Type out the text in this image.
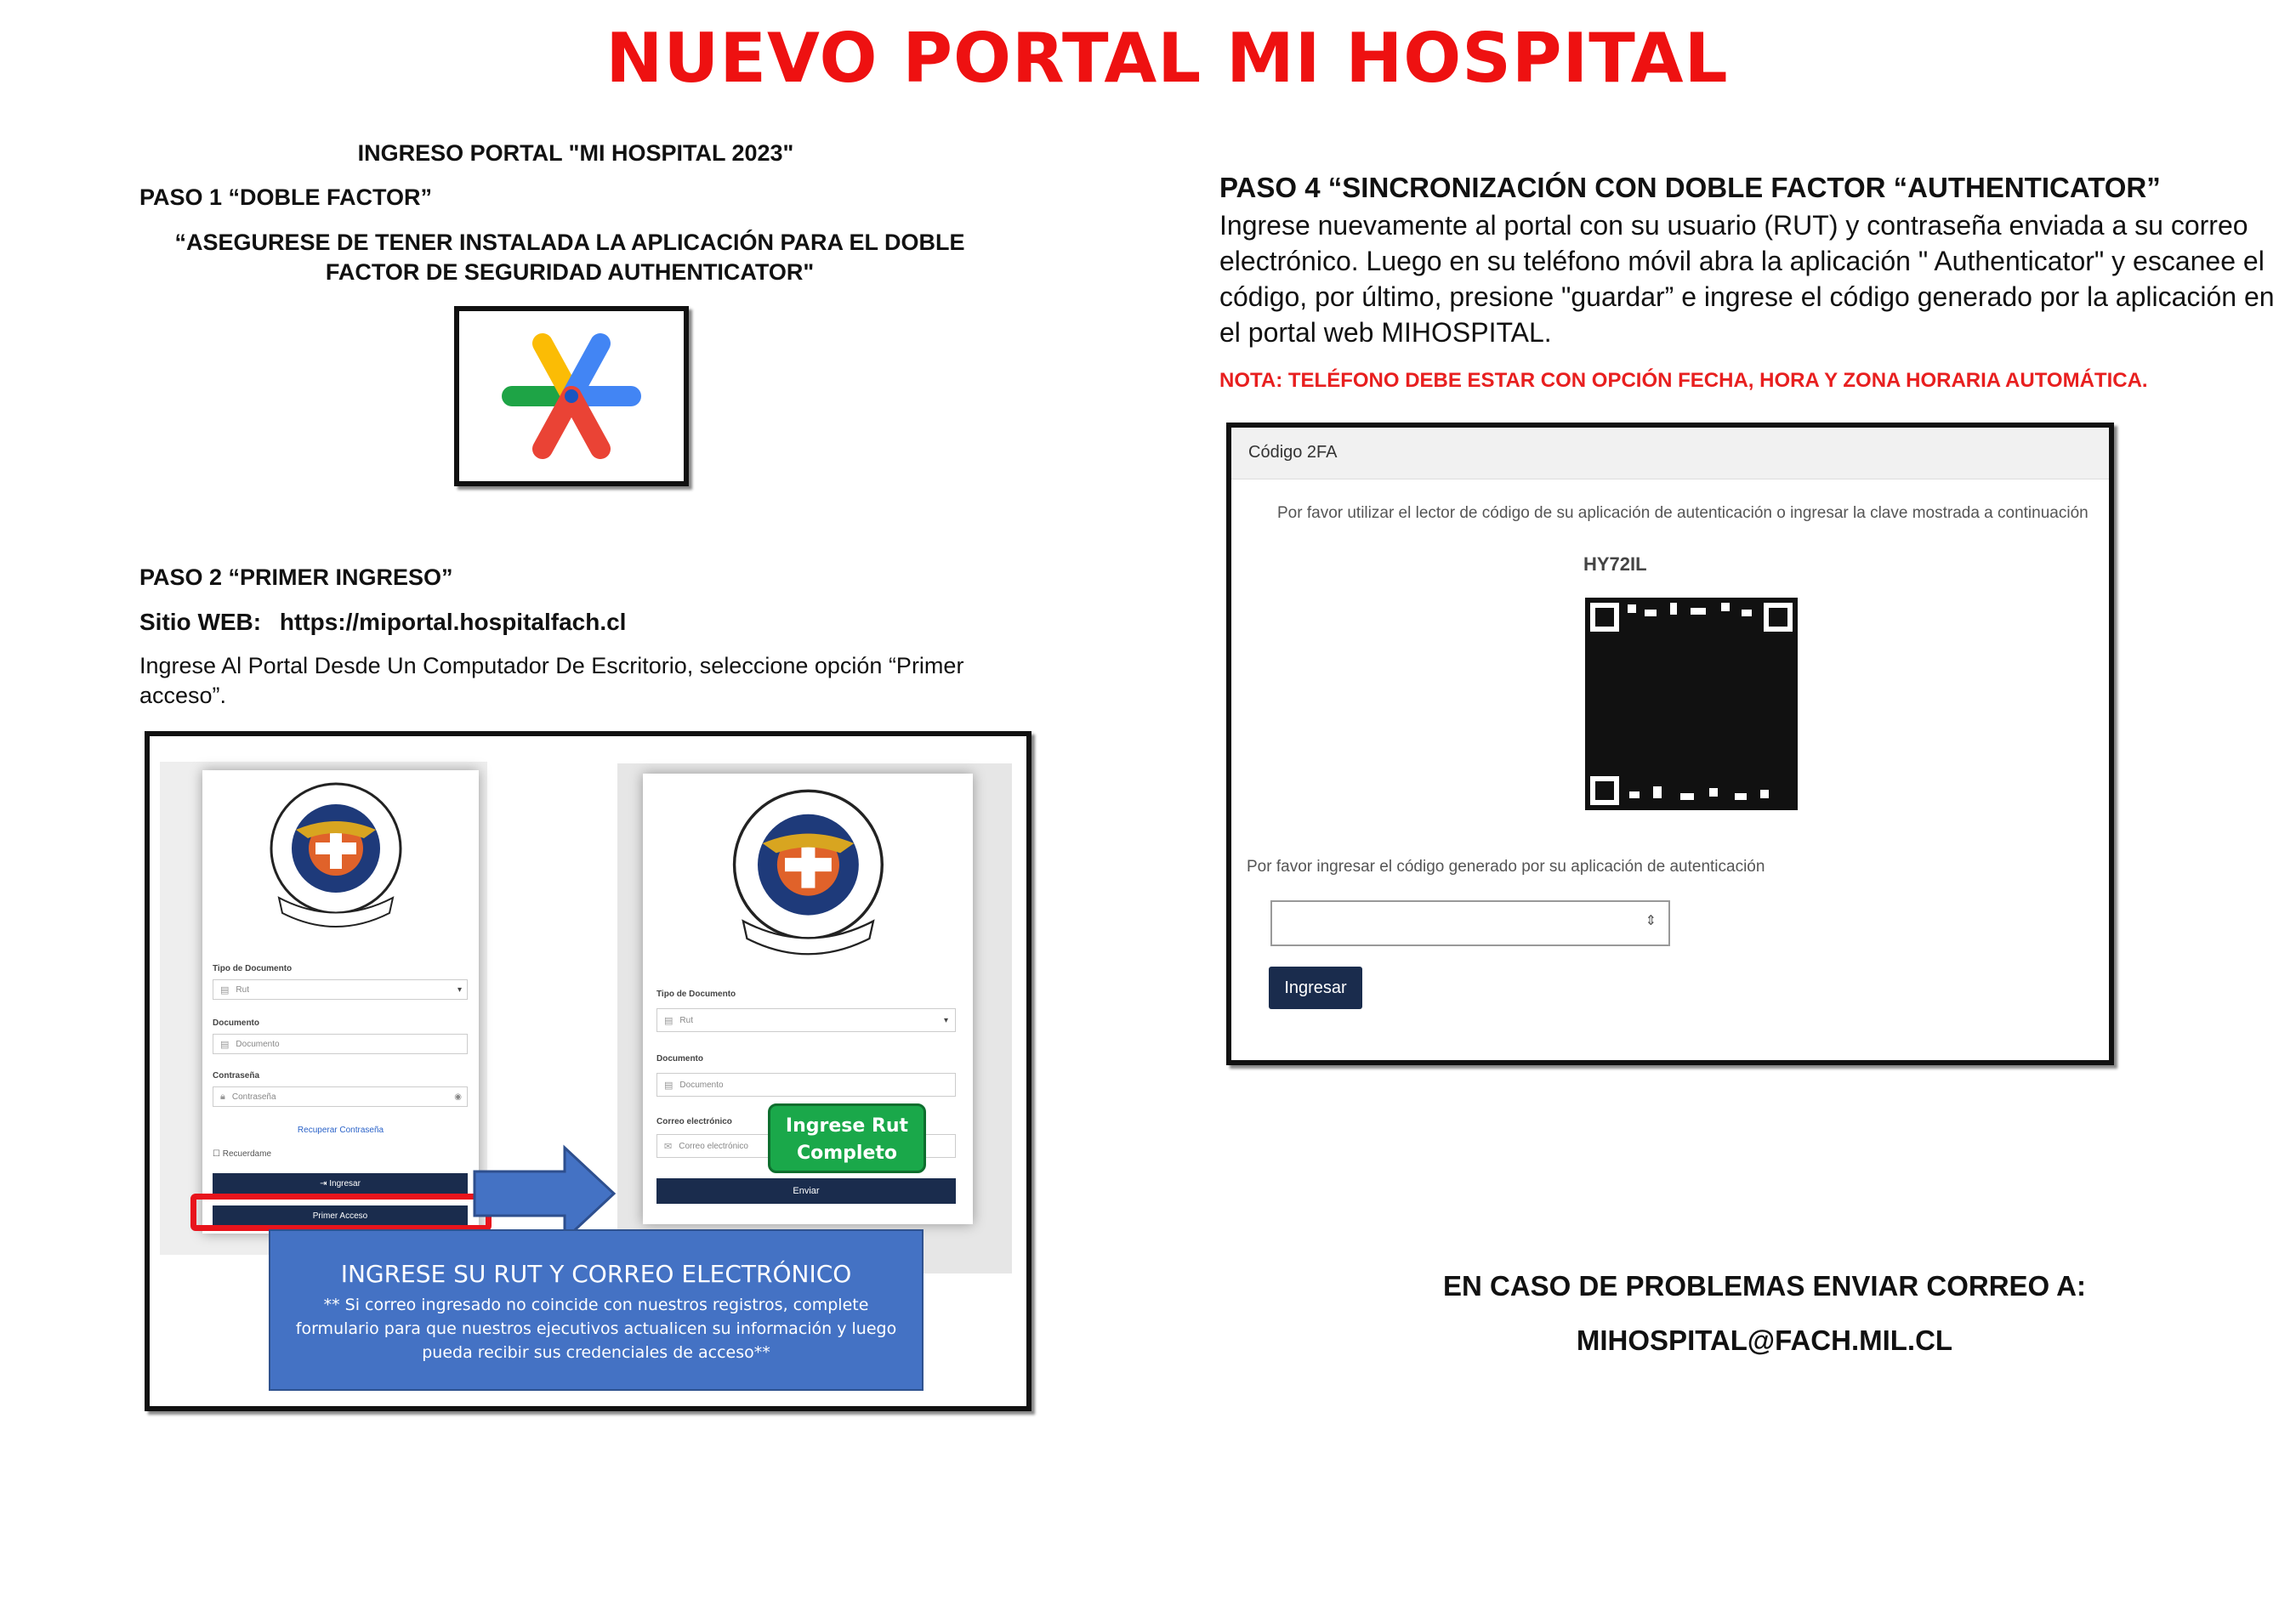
NUEVO PORTAL MI HOSPITAL
INGRESO PORTAL "MI HOSPITAL 2023"
PASO 1 “DOBLE FACTOR”
“ASEGURESE DE TENER INSTALADA LA APLICACIÓN PARA EL DOBLE FACTOR DE SEGURIDAD AUTHENTICATOR"
PASO 2 “PRIMER INGRESO”
Sitio WEB: https://miportal.hospitalfach.cl
Ingrese Al Portal Desde Un Computador De Escritorio, seleccione opción “Primer acceso”.
Tipo de Documento
▤ Rut	▾
Documento
▤ Documento
Contraseña
🔒︎ Contraseña	◉
Recuperar Contraseña
☐ Recuerdame
⇥ Ingresar
Primer Acceso
Tipo de Documento
▤ Rut	▾
Documento
▤ Documento
Correo electrónico
✉ Correo electrónico
Enviar
Ingrese Rut
Completo
INGRESE SU RUT Y CORREO ELECTRÓNICO
** Si correo ingresado no coincide con nuestros registros, complete formulario para que nuestros ejecutivos actualicen su información y luego pueda recibir sus credenciales de acceso**
PASO 4 “SINCRONIZACIÓN CON DOBLE FACTOR “AUTHENTICATOR”
Ingrese nuevamente al portal con su usuario (RUT) y contraseña enviada a su correo electrónico. Luego en su teléfono móvil abra la aplicación " Authenticator" y escanee el código, por último, presione "guardar” e ingrese el código generado por la aplicación en el portal web MIHOSPITAL.
NOTA: TELÉFONO DEBE ESTAR CON OPCIÓN FECHA, HORA Y ZONA HORARIA AUTOMÁTICA.
Código 2FA
Por favor utilizar el lector de código de su aplicación de autenticación o ingresar la clave mostrada a continuación
HY72IL
Por favor ingresar el código generado por su aplicación de autenticación
⇕
Ingresar
EN CASO DE PROBLEMAS ENVIAR CORREO A:
MIHOSPITAL@FACH.MIL.CL
